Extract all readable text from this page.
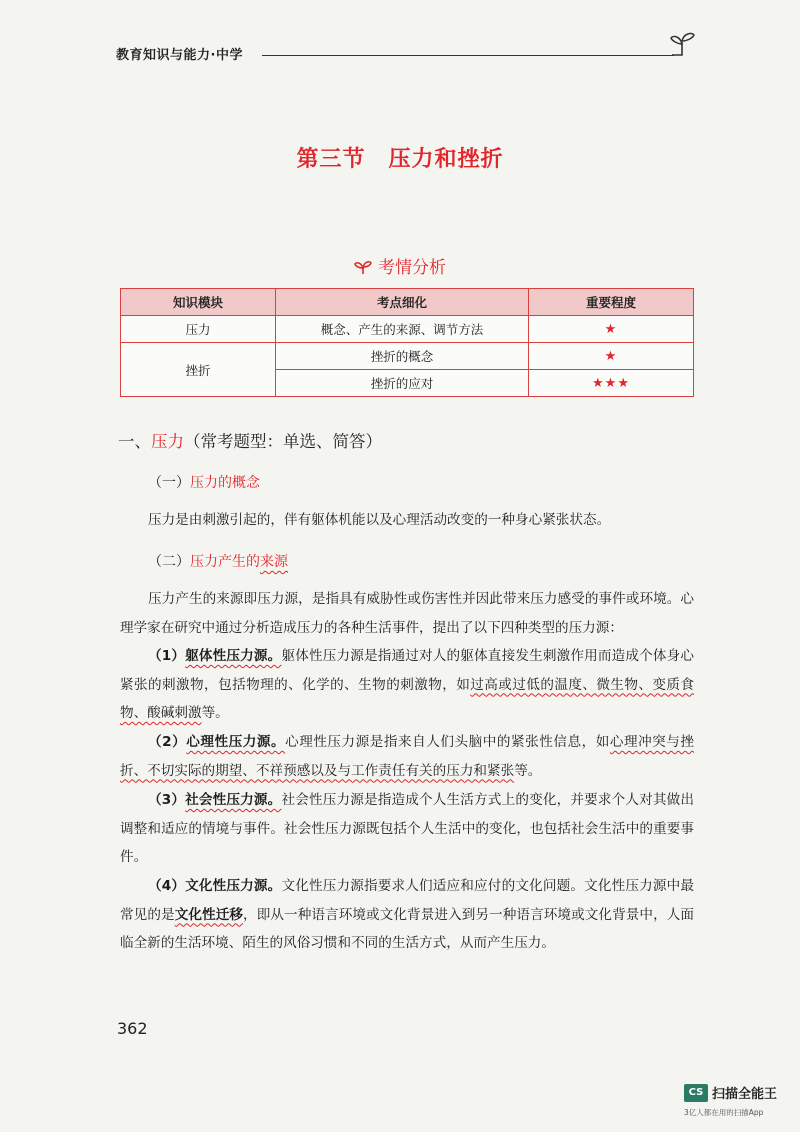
教育知识与能力·中学
第三节　压力和挫折
考情分析
知识模块	考点细化	重要程度
压力	概念、产生的来源、调节方法	★
挫折	挫折的概念	★
	挫折的应对	★★★
一、压力（常考题型：单选、简答）
（一）压力的概念
压力是由刺激引起的，伴有躯体机能以及心理活动改变的一种身心紧张状态。
（二）压力产生的来源
压力产生的来源即压力源，是指具有威胁性或伤害性并因此带来压力感受的事件或环境。心理学家在研究中通过分析造成压力的各种生活事件，提出了以下四种类型的压力源：
（1）躯体性压力源。躯体性压力源是指通过对人的躯体直接发生刺激作用而造成个体身心紧张的刺激物，包括物理的、化学的、生物的刺激物，如过高或过低的温度、微生物、变质食物、酸碱刺激等。
（2）心理性压力源。心理性压力源是指来自人们头脑中的紧张性信息，如心理冲突与挫折、不切实际的期望、不祥预感以及与工作责任有关的压力和紧张等。
（3）社会性压力源。社会性压力源是指造成个人生活方式上的变化，并要求个人对其做出调整和适应的情境与事件。社会性压力源既包括个人生活中的变化，也包括社会生活中的重要事件。
（4）文化性压力源。文化性压力源指要求人们适应和应付的文化问题。文化性压力源中最常见的是文化性迁移，即从一种语言环境或文化背景进入到另一种语言环境或文化背景中，人面临全新的生活环境、陌生的风俗习惯和不同的生活方式，从而产生压力。
362
CS 扫描全能王
3亿人都在用的扫描App
